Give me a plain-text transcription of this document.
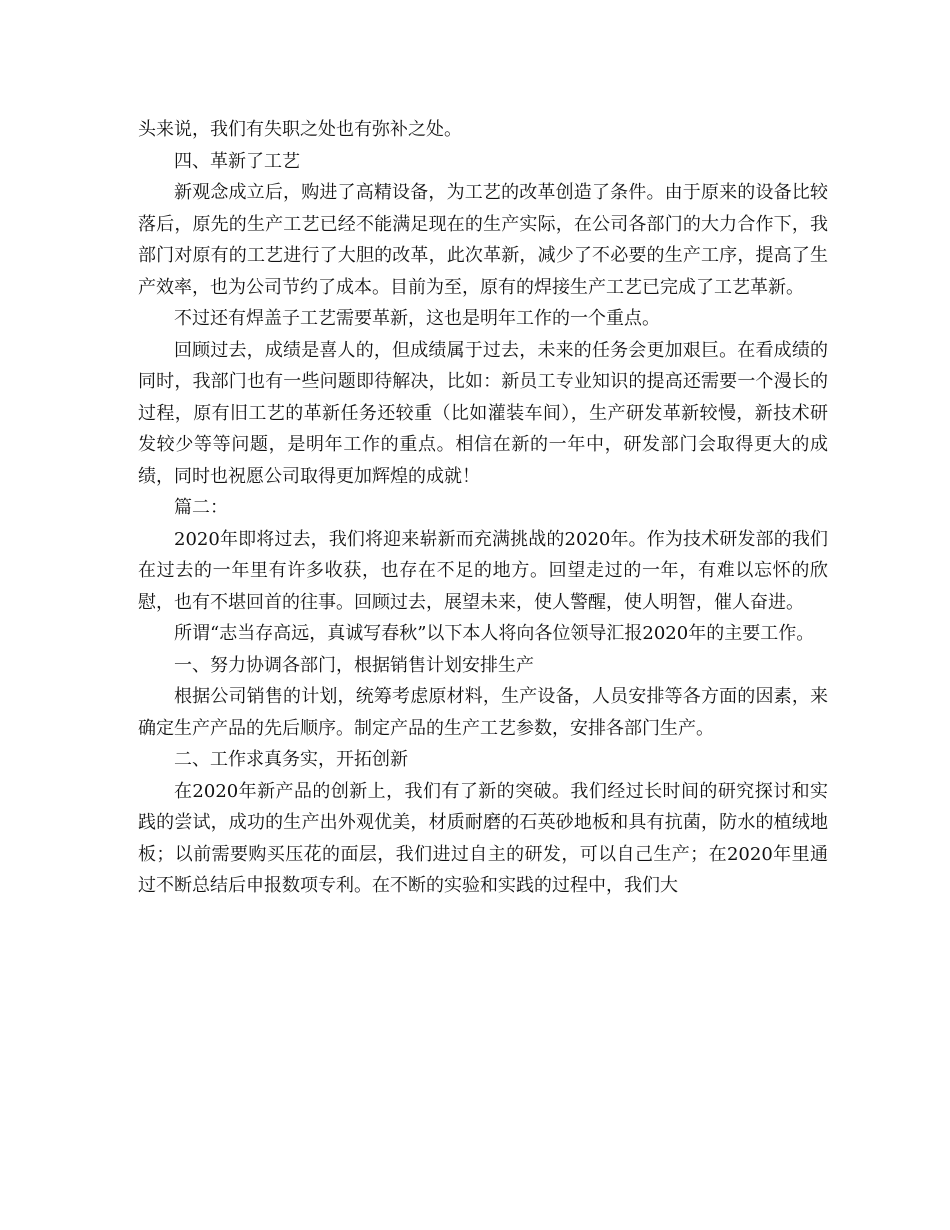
头来说，我们有失职之处也有弥补之处。

四、革新了工艺

新观念成立后，购进了高精设备，为工艺的改革创造了条件。由于原来的设备比较落后，原先的生产工艺已经不能满足现在的生产实际，在公司各部门的大力合作下，我部门对原有的工艺进行了大胆的改革，此次革新，减少了不必要的生产工序，提高了生产效率，也为公司节约了成本。目前为至，原有的焊接生产工艺已完成了工艺革新。

不过还有焊盖子工艺需要革新，这也是明年工作的一个重点。

回顾过去，成绩是喜人的，但成绩属于过去，未来的任务会更加艰巨。在看成绩的同时，我部门也有一些问题即待解决，比如：新员工专业知识的提高还需要一个漫长的过程，原有旧工艺的革新任务还较重（比如灌装车间），生产研发革新较慢，新技术研发较少等等问题，是明年工作的重点。相信在新的一年中，研发部门会取得更大的成绩，同时也祝愿公司取得更加辉煌的成就！

篇二：

2020年即将过去，我们将迎来崭新而充满挑战的2020年。作为技术研发部的我们在过去的一年里有许多收获，也存在不足的地方。回望走过的一年，有难以忘怀的欣慰，也有不堪回首的往事。回顾过去，展望未来，使人警醒，使人明智，催人奋进。

所谓“志当存高远，真诚写春秋”以下本人将向各位领导汇报2020年的主要工作。

一、努力协调各部门，根据销售计划安排生产

根据公司销售的计划，统筹考虑原材料，生产设备，人员安排等各方面的因素，来确定生产产品的先后顺序。制定产品的生产工艺参数，安排各部门生产。

二、工作求真务实，开拓创新

在2020年新产品的创新上，我们有了新的突破。我们经过长时间的研究探讨和实践的尝试，成功的生产出外观优美，材质耐磨的石英砂地板和具有抗菌，防水的植绒地板；以前需要购买压花的面层，我们进过自主的研发，可以自己生产；在2020年里通过不断总结后申报数项专利。在不断的实验和实践的过程中，我们大
